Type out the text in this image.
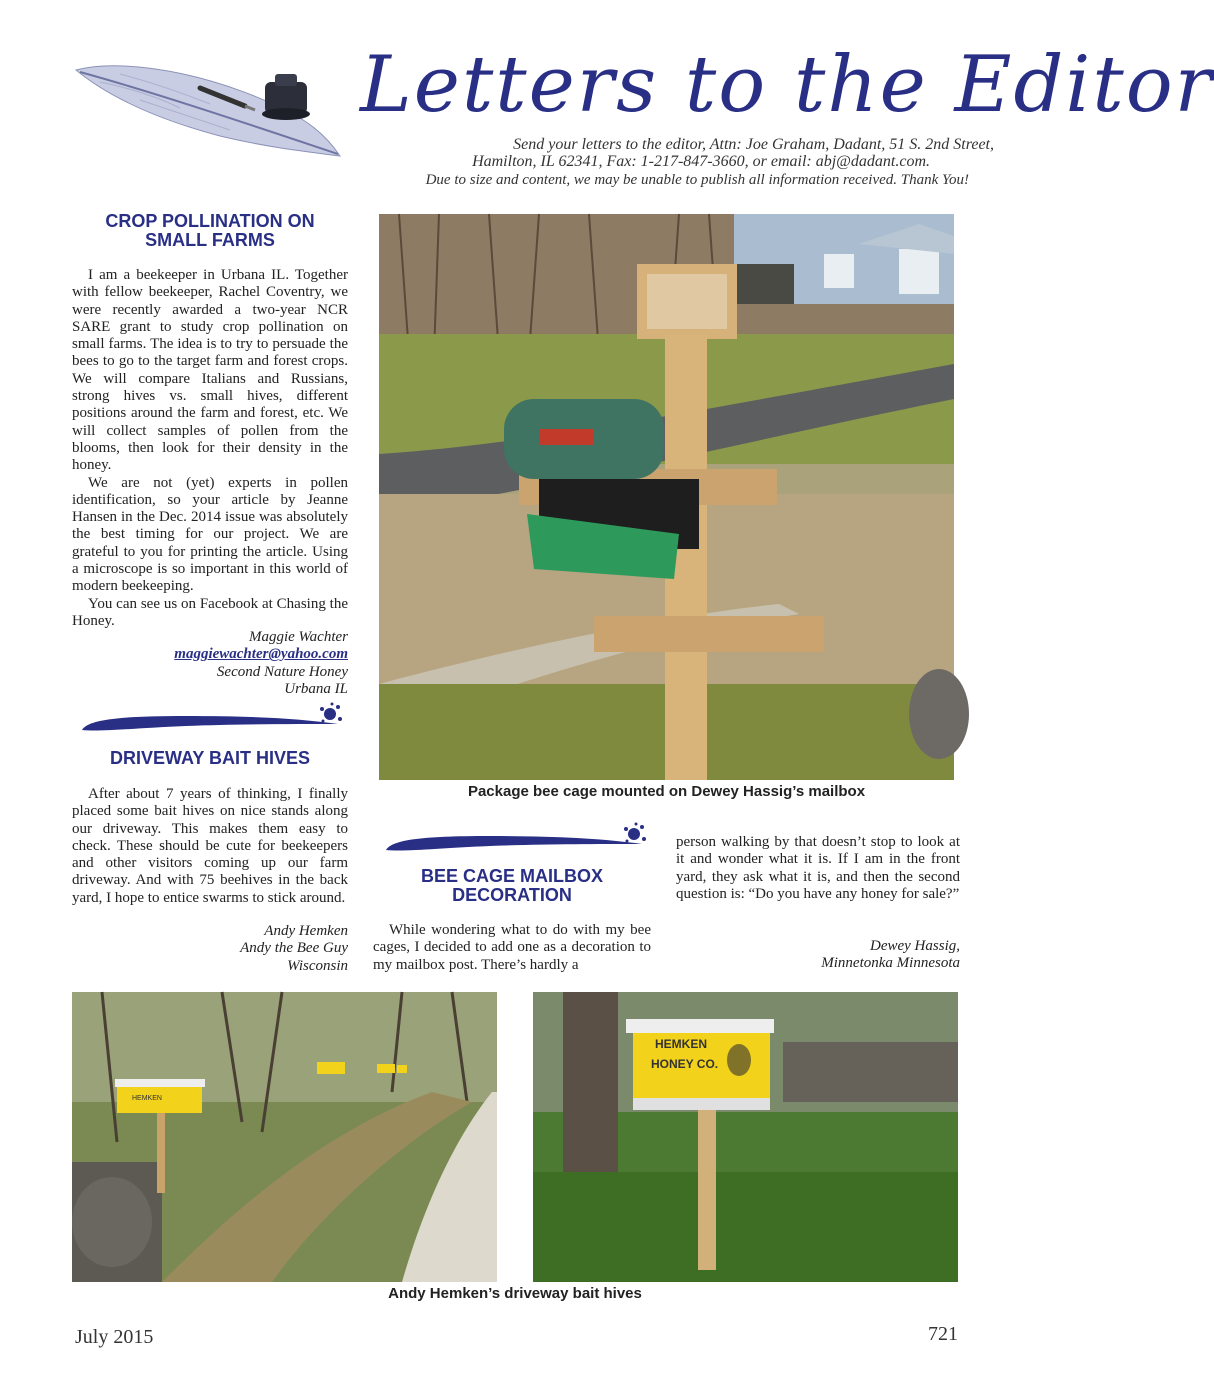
Letters to the Editor
Send your letters to the editor, Attn: Joe Graham, Dadant, 51 S. 2nd Street,
Hamilton, IL 62341, Fax: 1-217-847-3660, or email: abj@dadant.com.
Due to size and content, we may be unable to publish all information received. Thank You!
CROP POLLINATION ON
SMALL FARMS

I am a beekeeper in Urbana IL. Together with fellow beekeeper, Rachel Coventry, we were recently awarded a two-year NCR SARE grant to study crop pollination on small farms. The idea is to try to persuade the bees to go to the target farm and forest crops. We will compare Italians and Russians, strong hives vs. small hives, different positions around the farm and forest, etc. We will collect samples of pollen from the blooms, then look for their density in the honey.

We are not (yet) experts in pollen identification, so your article by Jeanne Hansen in the Dec. 2014 issue was absolutely the best timing for our project. We are grateful to you for printing the article. Using a microscope is so important in this world of modern beekeeping.

You can see us on Facebook at Chasing the Honey.

Maggie Wachter
maggiewachter@yahoo.com
Second Nature Honey
Urbana IL
DRIVEWAY BAIT HIVES

After about 7 years of thinking, I finally placed some bait hives on nice stands along our driveway. This makes them easy to check. These should be cute for beekeepers and other visitors coming up our farm driveway. And with 75 beehives in the back yard, I hope to entice swarms to stick around.

Andy Hemken
Andy the Bee Guy
Wisconsin
Package bee cage mounted on Dewey Hassig’s mailbox
BEE CAGE MAILBOX
DECORATION

While wondering what to do with my bee cages, I decided to add one as a decoration to my mailbox post. There’s hardly a

person walking by that doesn’t stop to look at it and wonder what it is. If I am in the front yard, they ask what it is, and then the second question is: “Do you have any honey for sale?”

Dewey Hassig,
Minnetonka Minnesota
HEMKEN
HEMKEN
HONEY CO.
Andy Hemken’s driveway bait hives
July 2015	721
